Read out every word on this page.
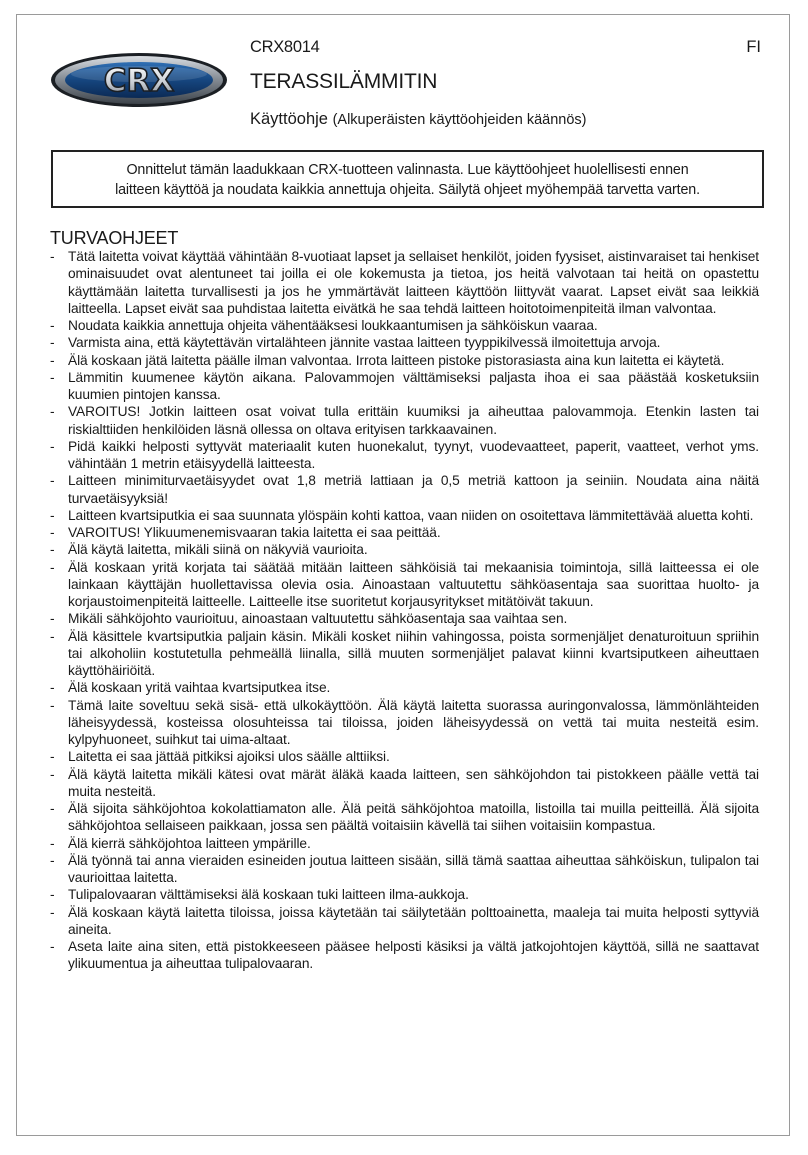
CRX
CRX8014	FI
TERASSILÄMMITIN
Käyttöohje (Alkuperäisten käyttöohjeiden käännös)
Onnittelut tämän laadukkaan CRX-tuotteen valinnasta. Lue käyttöohjeet huolellisesti ennen
laitteen käyttöä ja noudata kaikkia annettuja ohjeita. Säilytä ohjeet myöhempää tarvetta varten.
TURVAOHJEET
- Tätä laitetta voivat käyttää vähintään 8-vuotiaat lapset ja sellaiset henkilöt, joiden fyysiset, aistinvaraiset tai henkiset ominaisuudet ovat alentuneet tai joilla ei ole kokemusta ja tietoa, jos heitä valvotaan tai heitä on opastettu käyttämään laitetta turvallisesti ja jos he ymmärtävät laitteen käyttöön liittyvät vaarat. Lapset eivät saa leikkiä laitteella. Lapset eivät saa puhdistaa laitetta eivätkä he saa tehdä laitteen hoitotoimenpiteitä ilman valvontaa.
- Noudata kaikkia annettuja ohjeita vähentääksesi loukkaantumisen ja sähköiskun vaaraa.
- Varmista aina, että käytettävän virtalähteen jännite vastaa laitteen tyyppikilvessä ilmoitettuja arvoja.
- Älä koskaan jätä laitetta päälle ilman valvontaa. Irrota laitteen pistoke pistorasiasta aina kun laitetta ei käytetä.
- Lämmitin kuumenee käytön aikana. Palovammojen välttämiseksi paljasta ihoa ei saa päästää kosketuksiin kuumien pintojen kanssa.
- VAROITUS! Jotkin laitteen osat voivat tulla erittäin kuumiksi ja aiheuttaa palovammoja. Etenkin lasten tai riskialttiiden henkilöiden läsnä ollessa on oltava erityisen tarkkaavainen.
- Pidä kaikki helposti syttyvät materiaalit kuten huonekalut, tyynyt, vuodevaatteet, paperit, vaatteet, verhot yms. vähintään 1 metrin etäisyydellä laitteesta.
- Laitteen minimiturvaetäisyydet ovat 1,8 metriä lattiaan ja 0,5 metriä kattoon ja seiniin. Noudata aina näitä turvaetäisyyksiä!
- Laitteen kvartsiputkia ei saa suunnata ylöspäin kohti kattoa, vaan niiden on osoitettava lämmitettävää aluetta kohti.
- VAROITUS! Ylikuumenemisvaaran takia laitetta ei saa peittää.
- Älä käytä laitetta, mikäli siinä on näkyviä vaurioita.
- Älä koskaan yritä korjata tai säätää mitään laitteen sähköisiä tai mekaanisia toimintoja, sillä laitteessa ei ole lainkaan käyttäjän huollettavissa olevia osia. Ainoastaan valtuutettu sähköasentaja saa suorittaa huolto- ja korjaustoimenpiteitä laitteelle. Laitteelle itse suoritetut korjausyritykset mitätöivät takuun.
- Mikäli sähköjohto vaurioituu, ainoastaan valtuutettu sähköasentaja saa vaihtaa sen.
- Älä käsittele kvartsiputkia paljain käsin. Mikäli kosket niihin vahingossa, poista sormenjäljet denaturoituun spriihin tai alkoholiin kostutetulla pehmeällä liinalla, sillä muuten sormenjäljet palavat kiinni kvartsiputkeen aiheuttaen käyttöhäiriöitä.
- Älä koskaan yritä vaihtaa kvartsiputkea itse.
- Tämä laite soveltuu sekä sisä- että ulkokäyttöön. Älä käytä laitetta suorassa auringonvalossa, lämmönlähteiden läheisyydessä, kosteissa olosuhteissa tai tiloissa, joiden läheisyydessä on vettä tai muita nesteitä esim. kylpyhuoneet, suihkut tai uima-altaat.
- Laitetta ei saa jättää pitkiksi ajoiksi ulos säälle alttiiksi.
- Älä käytä laitetta mikäli kätesi ovat märät äläkä kaada laitteen, sen sähköjohdon tai pistokkeen päälle vettä tai muita nesteitä.
- Älä sijoita sähköjohtoa kokolattiamaton alle. Älä peitä sähköjohtoa matoilla, listoilla tai muilla peitteillä. Älä sijoita sähköjohtoa sellaiseen paikkaan, jossa sen päältä voitaisiin kävellä tai siihen voitaisiin kompastua.
- Älä kierrä sähköjohtoa laitteen ympärille.
- Älä työnnä tai anna vieraiden esineiden joutua laitteen sisään, sillä tämä saattaa aiheuttaa sähköiskun, tulipalon tai vaurioittaa laitetta.
- Tulipalovaaran välttämiseksi älä koskaan tuki laitteen ilma-aukkoja.
- Älä koskaan käytä laitetta tiloissa, joissa käytetään tai säilytetään polttoainetta, maaleja tai muita helposti syttyviä aineita.
- Aseta laite aina siten, että pistokkeeseen pääsee helposti käsiksi ja vältä jatkojohtojen käyttöä, sillä ne saattavat ylikuumentua ja aiheuttaa tulipalovaaran.
